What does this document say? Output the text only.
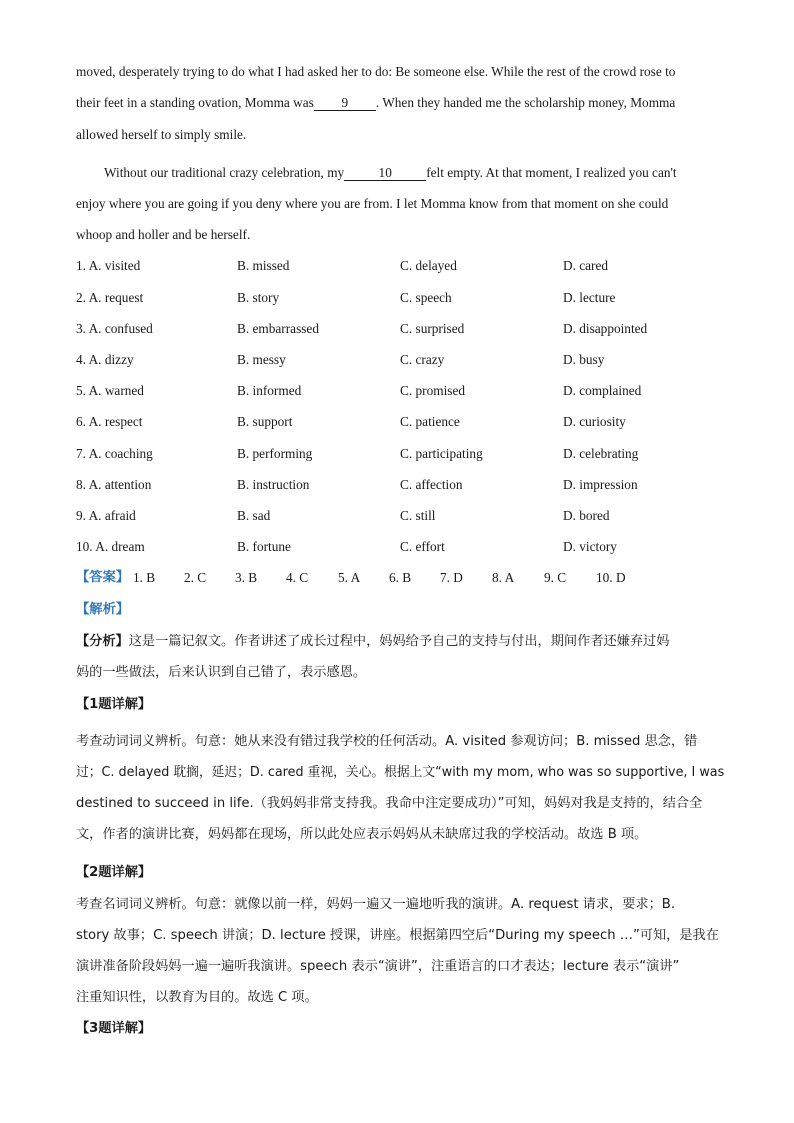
moved, desperately trying to do what I had asked her to do: Be someone else. While the rest of the crowd rose to
their feet in a standing ovation, Momma was 9 . When they handed me the scholarship money, Momma
allowed herself to simply smile.
Without our traditional crazy celebration, my	10	felt empty. At that moment, I realized you can't
enjoy where you are going if you deny where you are from. I let Momma know from that moment on she could
whoop and holler and be herself.
1. A. visited	B. missed	C. delayed	D. cared
2. A. request	B. story	C. speech	D. lecture
3. A. confused	B. embarrassed	C. surprised	D. disappointed
4. A. dizzy	B. messy	C. crazy	D. busy
5. A. warned	B. informed	C. promised	D. complained
6. A. respect	B. support	C. patience	D. curiosity
7. A. coaching	B. performing	C. participating	D. celebrating
8. A. attention	B. instruction	C. affection	D. impression
9. A. afraid	B. sad	C. still	D. bored
10. A. dream	B. fortune	C. effort	D. victory
【答案】 1. B 2. C 3. B 4. C 5. A 6. B 7. D 8. A 9. C 10. D
【解析】
【分析】这是一篇记叙文。作者讲述了成长过程中，妈妈给予自己的支持与付出，期间作者还嫌弃过妈
妈的一些做法，后来认识到自己错了，表示感恩。
【1题详解】
考查动词词义辨析。句意：她从来没有错过我学校的任何活动。A. visited 参观访问；B. missed 思念，错
过；C. delayed 耽搁，延迟；D. cared 重视，关心。根据上文“with my mom, who was so supportive, I was
destined to succeed in life.（我妈妈非常支持我。我命中注定要成功）”可知，妈妈对我是支持的，结合全
文，作者的演讲比赛，妈妈都在现场，所以此处应表示妈妈从未缺席过我的学校活动。故选 B 项。
【2题详解】
考查名词词义辨析。句意：就像以前一样，妈妈一遍又一遍地听我的演讲。A. request 请求，要求；B.
story 故事；C. speech 讲演；D. lecture 授课，讲座。根据第四空后“During my speech …”可知，是我在
演讲准备阶段妈妈一遍一遍听我演讲。speech 表示“演讲”，注重语言的口才表达；lecture 表示“演讲”
注重知识性，以教育为目的。故选 C 项。
【3题详解】
